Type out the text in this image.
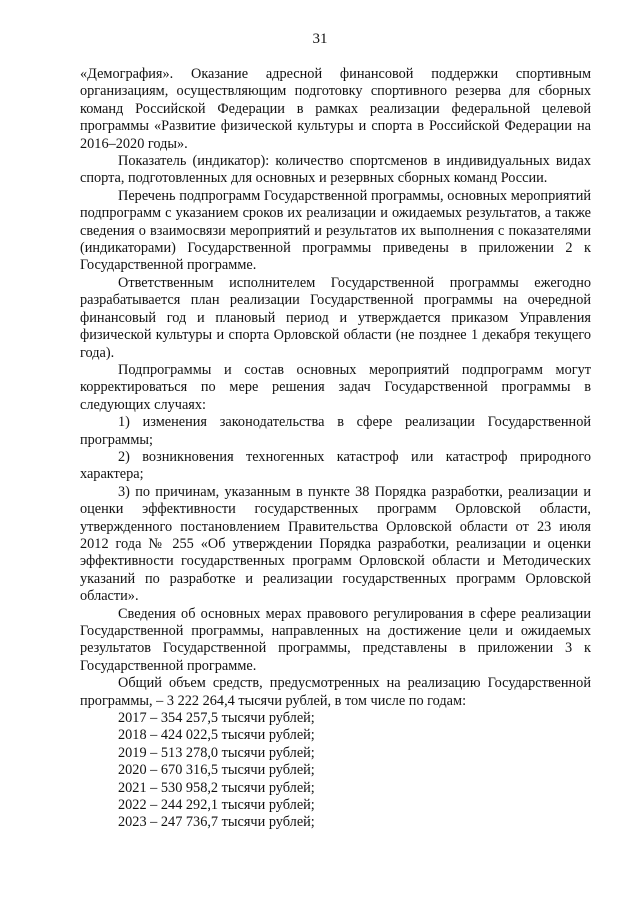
31

«Демография». Оказание адресной финансовой поддержки спортивным организациям, осуществляющим подготовку спортивного резерва для сборных команд Российской Федерации в рамках реализации федеральной целевой программы «Развитие физической культуры и спорта в Российской Федерации на 2016–2020 годы».

Показатель (индикатор): количество спортсменов в индивидуальных видах спорта, подготовленных для основных и резервных сборных команд России.

Перечень подпрограмм Государственной программы, основных мероприятий подпрограмм с указанием сроков их реализации и ожидаемых результатов, а также сведения о взаимосвязи мероприятий и результатов их выполнения с показателями (индикаторами) Государственной программы приведены в приложении 2 к Государственной программе.

Ответственным исполнителем Государственной программы ежегодно разрабатывается план реализации Государственной программы на очередной финансовый год и плановый период и утверждается приказом Управления физической культуры и спорта Орловской области (не позднее 1 декабря текущего года).

Подпрограммы и состав основных мероприятий подпрограмм могут корректироваться по мере решения задач Государственной программы в следующих случаях:

1) изменения законодательства в сфере реализации Государственной программы;

2) возникновения техногенных катастроф или катастроф природного характера;

3) по причинам, указанным в пункте 38 Порядка разработки, реализации и оценки эффективности государственных программ Орловской области, утвержденного постановлением Правительства Орловской области от 23 июля 2012 года № 255 «Об утверждении Порядка разработки, реализации и оценки эффективности государственных программ Орловской области и Методических указаний по разработке и реализации государственных программ Орловской области».

Сведения об основных мерах правового регулирования в сфере реализации Государственной программы, направленных на достижение цели и ожидаемых результатов Государственной программы, представлены в приложении 3 к Государственной программе.

Общий объем средств, предусмотренных на реализацию Государственной программы, – 3 222 264,4 тысячи рублей, в том числе по годам:

2017 – 354 257,5 тысячи рублей;
2018 – 424 022,5 тысячи рублей;
2019 – 513 278,0 тысячи рублей;
2020 – 670 316,5 тысячи рублей;
2021 – 530 958,2 тысячи рублей;
2022 – 244 292,1 тысячи рублей;
2023 – 247 736,7 тысячи рублей;
